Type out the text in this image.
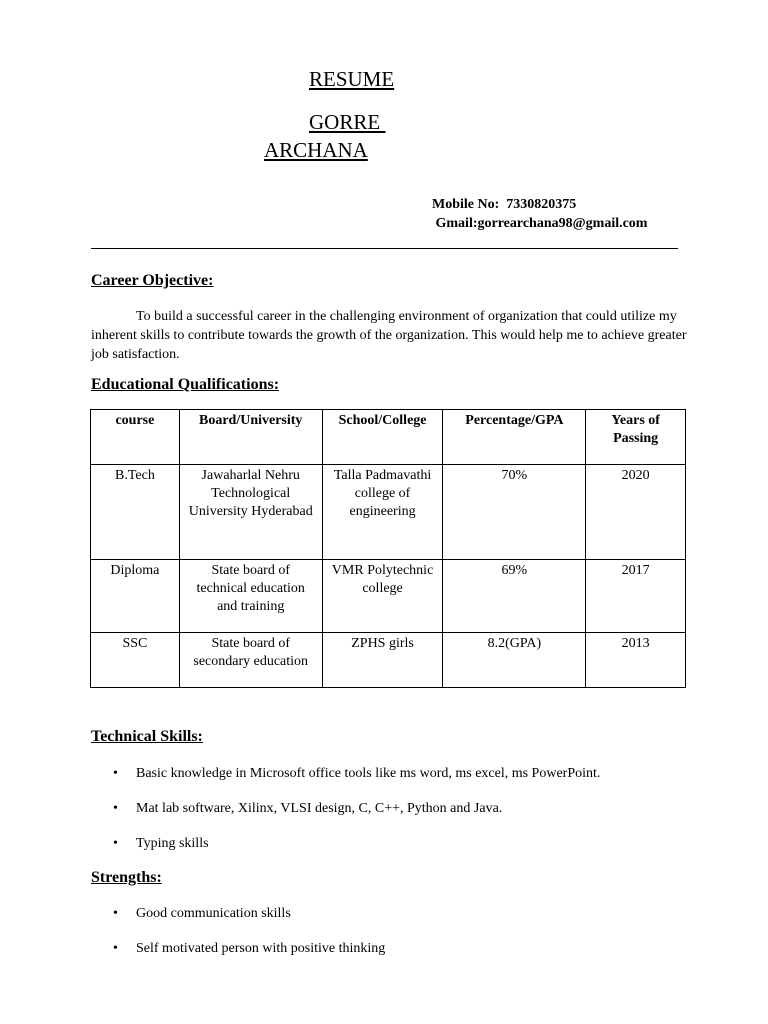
RESUME
GORRE
ARCHANA
Mobile No:  7330820375
Gmail:gorrearchana98@gmail.com
Career Objective:
To build a successful career in the challenging environment of organization that could utilize my inherent skills to contribute towards the growth of the organization. This would help me to achieve greater job satisfaction.
Educational Qualifications:
course	Board/University	School/College	Percentage/GPA	Years of Passing
B.Tech	Jawaharlal Nehru Technological University Hyderabad	Talla Padmavathi college of engineering	70%	2020
Diploma	State board of technical education and training	VMR Polytechnic college	69%	2017
SSC	State board of secondary education	ZPHS girls	8.2(GPA)	2013
Technical Skills:
• Basic knowledge in Microsoft office tools like ms word, ms excel, ms PowerPoint.
• Mat lab software, Xilinx, VLSI design, C, C++, Python and Java.
• Typing skills
Strengths:
• Good communication skills
• Self motivated person with positive thinking
